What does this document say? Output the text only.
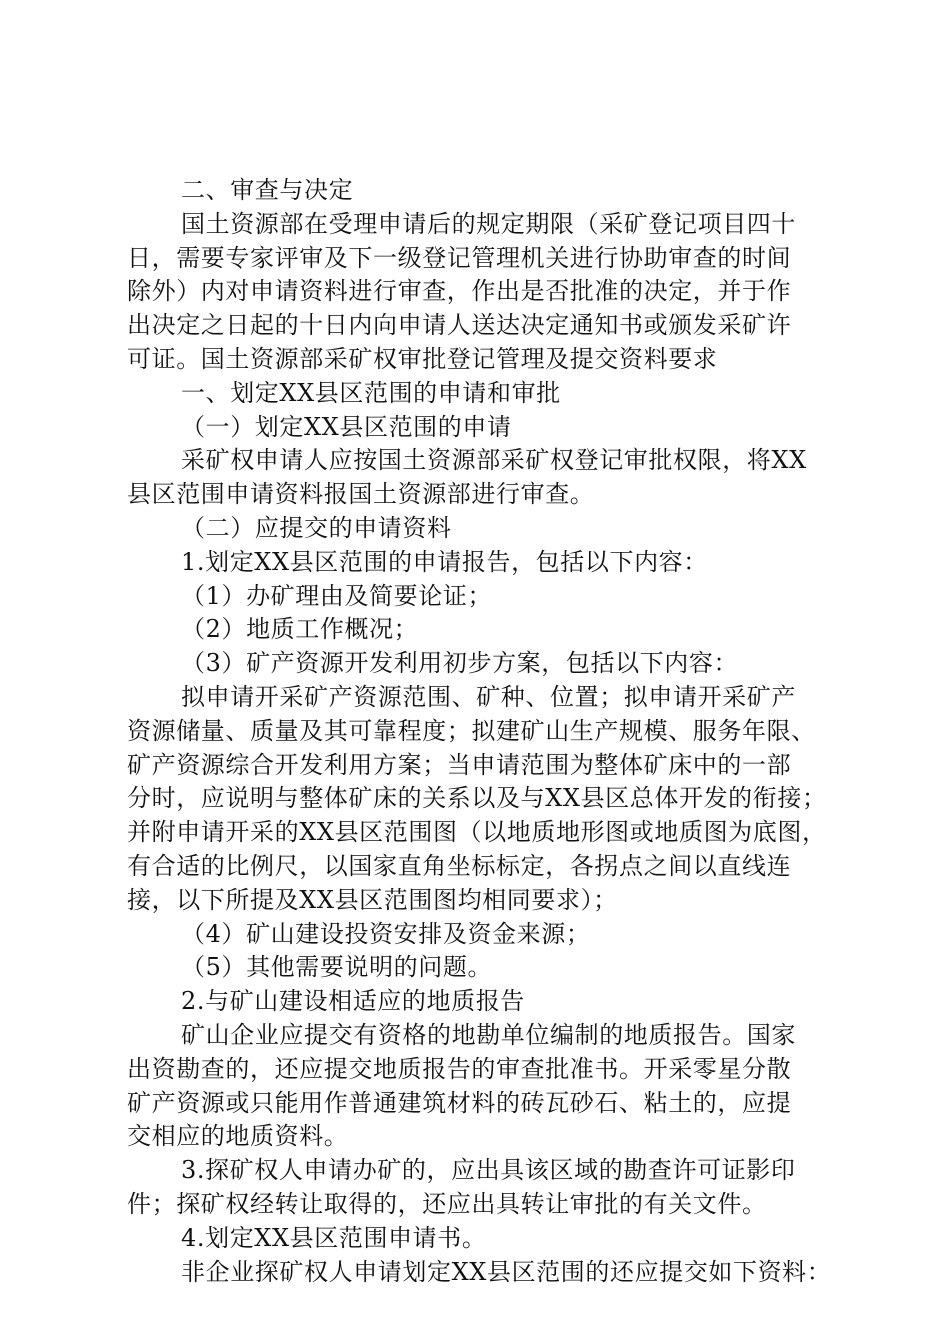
二、审查与决定
国土资源部在受理申请后的规定期限（采矿登记项目四十
日，需要专家评审及下一级登记管理机关进行协助审查的时间
除外）内对申请资料进行审查，作出是否批准的决定，并于作
出决定之日起的十日内向申请人送达决定通知书或颁发采矿许
可证。国土资源部采矿权审批登记管理及提交资料要求
一、划定XX县区范围的申请和审批
（一）划定XX县区范围的申请
采矿权申请人应按国土资源部采矿权登记审批权限，将XX
县区范围申请资料报国土资源部进行审查。
（二）应提交的申请资料
1.划定XX县区范围的申请报告，包括以下内容：
（1）办矿理由及简要论证；
（2）地质工作概况；
（3）矿产资源开发利用初步方案，包括以下内容：
拟申请开采矿产资源范围、矿种、位置；拟申请开采矿产
资源储量、质量及其可靠程度；拟建矿山生产规模、服务年限、
矿产资源综合开发利用方案；当申请范围为整体矿床中的一部
分时，应说明与整体矿床的关系以及与XX县区总体开发的衔接；
并附申请开采的XX县区范围图（以地质地形图或地质图为底图，
有合适的比例尺，以国家直角坐标标定，各拐点之间以直线连
接，以下所提及XX县区范围图均相同要求）；
（4）矿山建设投资安排及资金来源；
（5）其他需要说明的问题。
2.与矿山建设相适应的地质报告
矿山企业应提交有资格的地勘单位编制的地质报告。国家
出资勘查的，还应提交地质报告的审查批准书。开采零星分散
矿产资源或只能用作普通建筑材料的砖瓦砂石、粘土的，应提
交相应的地质资料。
3.探矿权人申请办矿的，应出具该区域的勘查许可证影印
件；探矿权经转让取得的，还应出具转让审批的有关文件。
4.划定XX县区范围申请书。
非企业探矿权人申请划定XX县区范围的还应提交如下资料：
